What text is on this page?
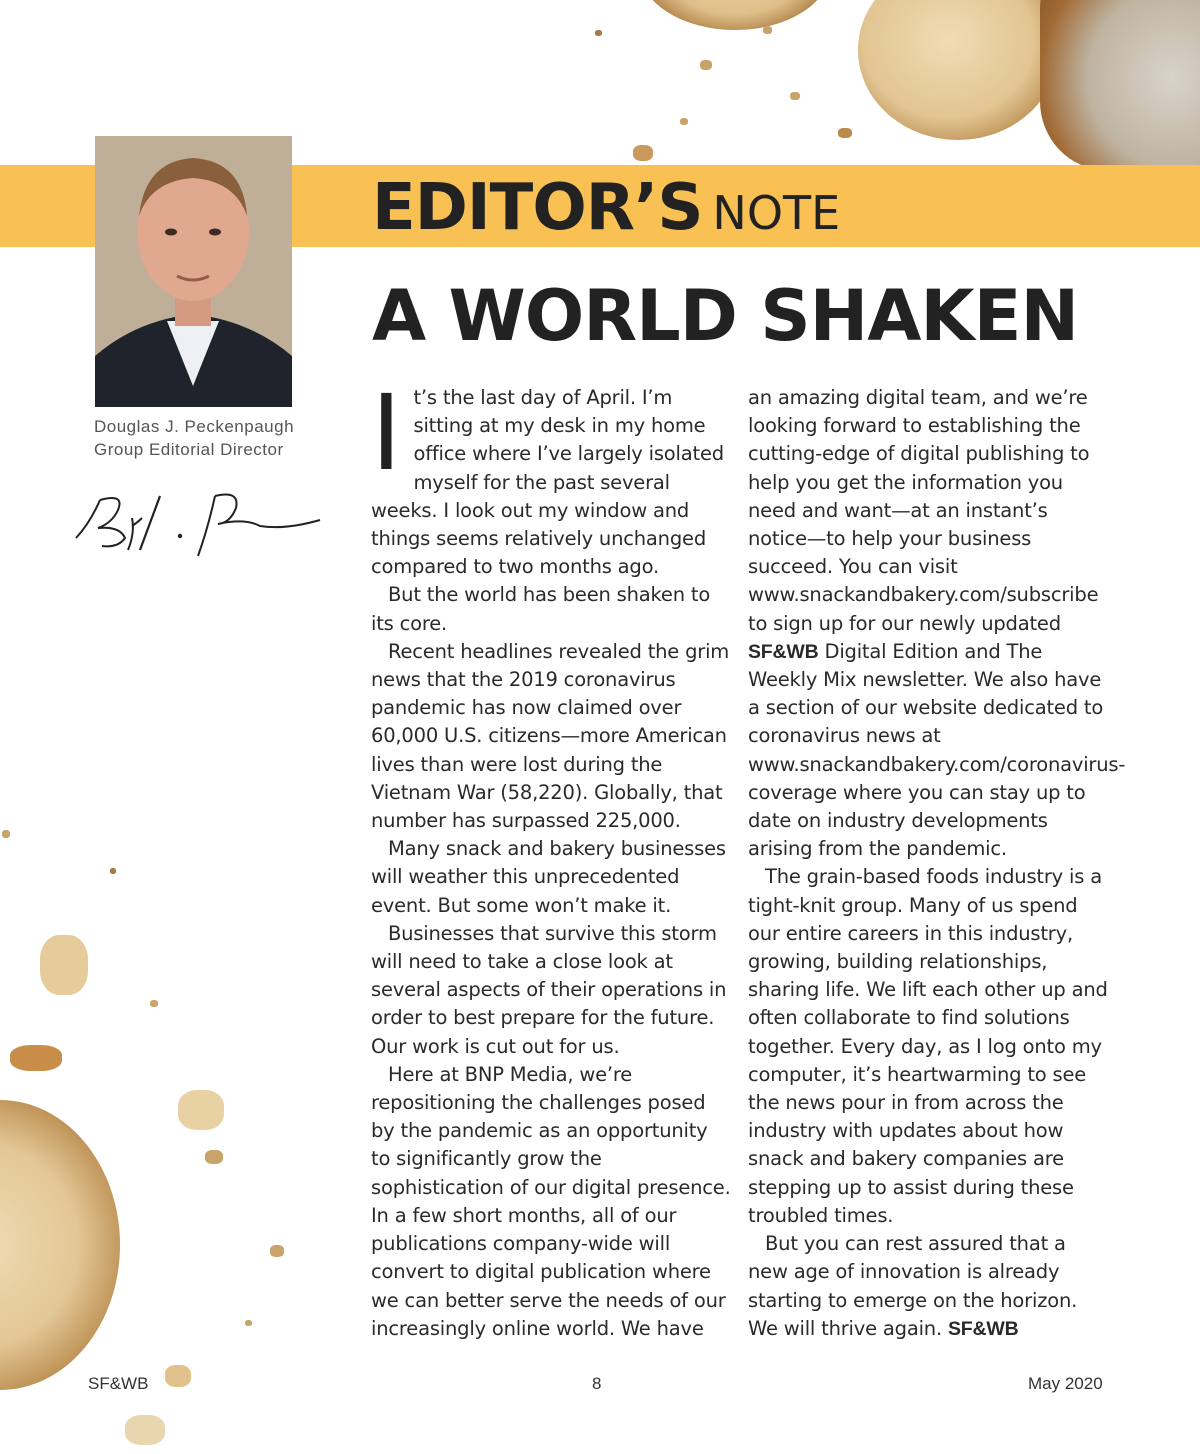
Douglas J. Peckenpaugh
Group Editorial Director
EDITOR’S NOTE
A WORLD SHAKEN

It’s the last day of April. I’m sitting at my desk in my home office where I’ve largely isolated myself for the past several weeks. I look out my window and things seems relatively unchanged compared to two months ago.

But the world has been shaken to its core.

Recent headlines revealed the grim news that the 2019 coronavirus pandemic has now claimed over 60,000 U.S. citizens—more American lives than were lost during the Vietnam War (58,220). Globally, that number has surpassed 225,000.

Many snack and bakery businesses will weather this unprecedented event. But some won’t make it.

Businesses that survive this storm will need to take a close look at several aspects of their operations in order to best prepare for the future. Our work is cut out for us.

Here at BNP Media, we’re repositioning the challenges posed by the pandemic as an opportunity to significantly grow the sophistication of our digital presence. In a few short months, all of our publications company-wide will convert to digital publication where we can better serve the needs of our increasingly online world. We have

an amazing digital team, and we’re looking forward to establishing the cutting-edge of digital publishing to help you get the information you need and want—at an instant’s notice—to help your business succeed. You can visit www.snackandbakery.com/subscribe to sign up for our newly updated SF&WB Digital Edition and The Weekly Mix newsletter. We also have a section of our website dedicated to coronavirus news at www.snackandbakery.com/coronavirus-coverage where you can stay up to date on industry developments arising from the pandemic.

The grain-based foods industry is a tight-knit group. Many of us spend our entire careers in this industry, growing, building relationships, sharing life. We lift each other up and often collaborate to find solutions together. Every day, as I log onto my computer, it’s heartwarming to see the news pour in from across the industry with updates about how snack and bakery companies are stepping up to assist during these troubled times.

But you can rest assured that a new age of innovation is already starting to emerge on the horizon. We will thrive again. SF&WB

SF&WB	8	May 2020
